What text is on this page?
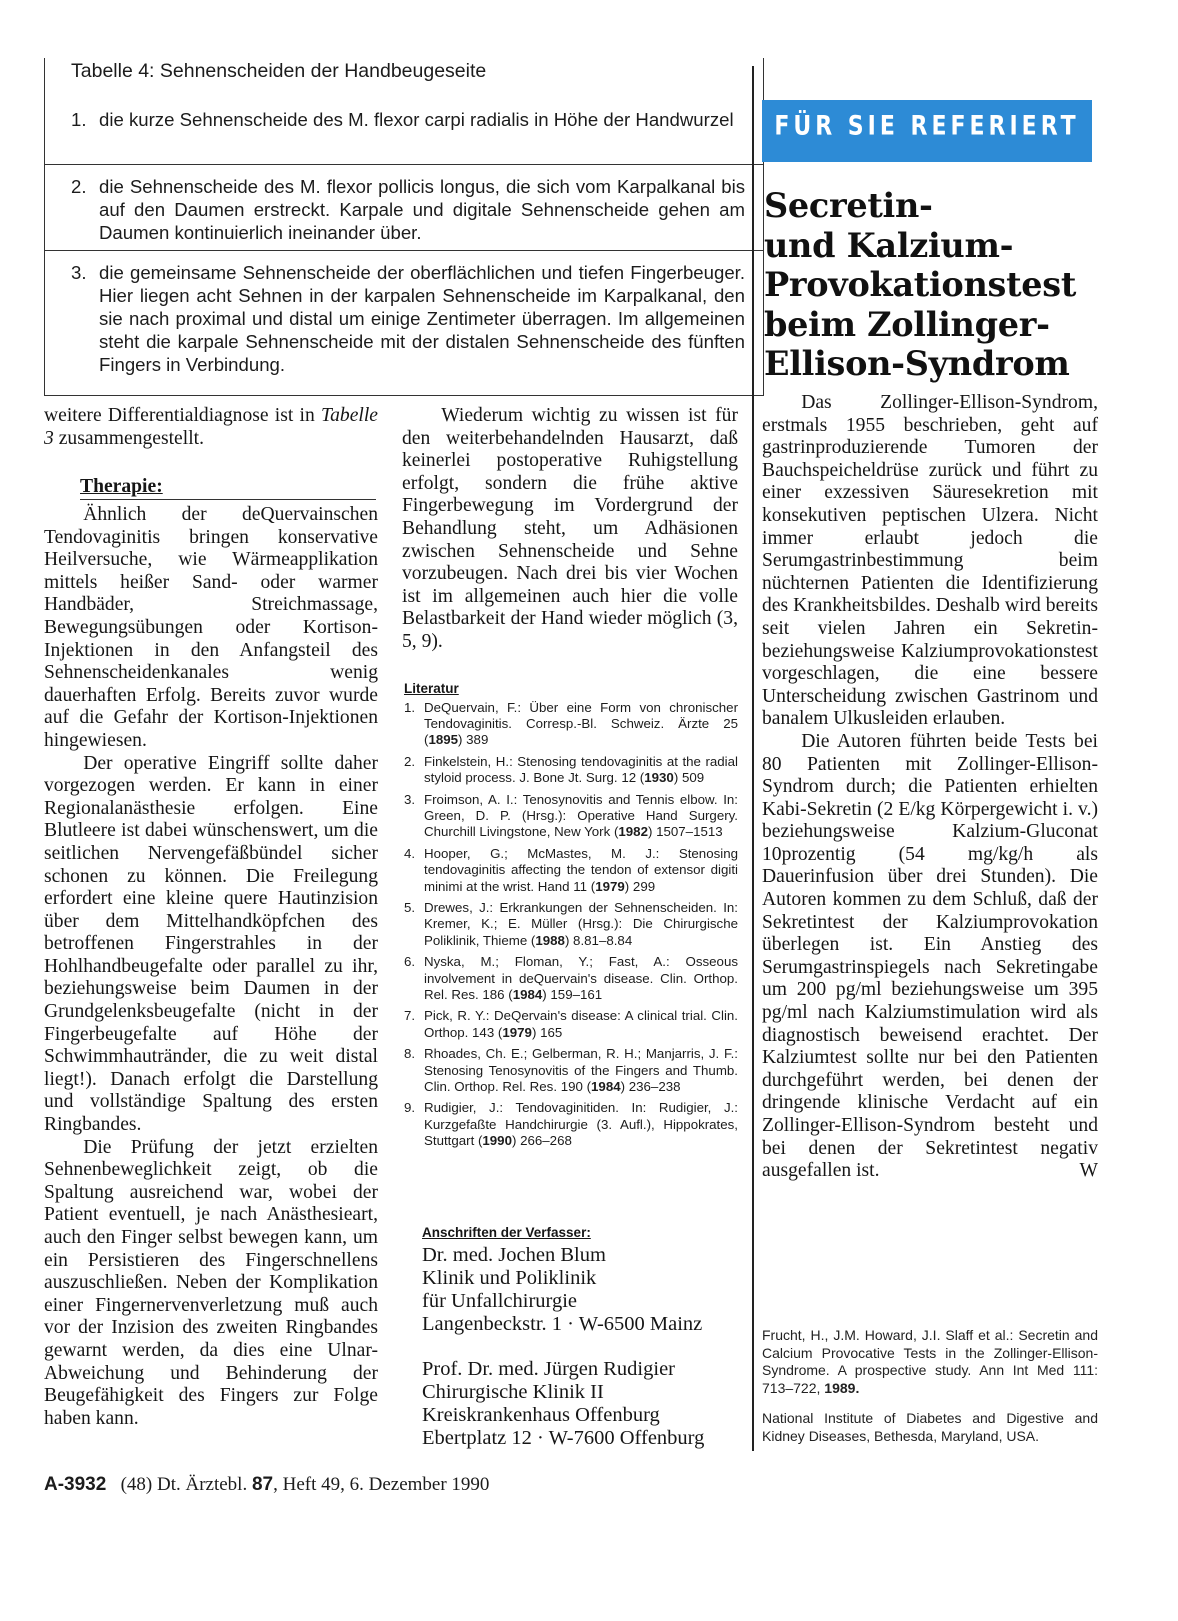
Tabelle 4: Sehnenscheiden der Handbeugeseite
1. die kurze Sehnenscheide des M. flexor carpi radialis in Höhe der Handwurzel
2. die Sehnenscheide des M. flexor pollicis longus, die sich vom Karpalkanal bis auf den Daumen erstreckt. Karpale und digitale Sehnenscheide gehen am Daumen kontinuierlich ineinander über.
3. die gemeinsame Sehnenscheide der oberflächlichen und tiefen Fingerbeuger. Hier liegen acht Sehnen in der karpalen Sehnenscheide im Karpalkanal, den sie nach proximal und distal um einige Zentimeter überragen. Im allgemeinen steht die karpale Sehnenscheide mit der distalen Sehnenscheide des fünften Fingers in Verbindung.

weitere Differentialdiagnose ist in Tabelle 3 zusammengestellt.

Therapie:

Ähnlich der deQuervainschen Tendovaginitis bringen konservative Heilversuche, wie Wärmeapplikation mittels heißer Sand- oder warmer Handbäder, Streichmassage, Bewegungsübungen oder Kortison-Injektionen in den Anfangsteil des Sehnenscheidenkanales wenig dauerhaften Erfolg. Bereits zuvor wurde auf die Gefahr der Kortison-Injektionen hingewiesen.

Der operative Eingriff sollte daher vorgezogen werden. Er kann in einer Regionalanästhesie erfolgen. Eine Blutleere ist dabei wünschenswert, um die seitlichen Nervengefäßbündel sicher schonen zu können. Die Freilegung erfordert eine kleine quere Hautinzision über dem Mittelhandköpfchen des betroffenen Fingerstrahles in der Hohlhandbeugefalte oder parallel zu ihr, beziehungsweise beim Daumen in der Grundgelenksbeugefalte (nicht in der Fingerbeugefalte auf Höhe der Schwimmhautränder, die zu weit distal liegt!). Danach erfolgt die Darstellung und vollständige Spaltung des ersten Ringbandes.

Die Prüfung der jetzt erzielten Sehnenbeweglichkeit zeigt, ob die Spaltung ausreichend war, wobei der Patient eventuell, je nach Anästhesieart, auch den Finger selbst bewegen kann, um ein Persistieren des Fingerschnellens auszuschließen. Neben der Komplikation einer Fingernervenverletzung muß auch vor der Inzision des zweiten Ringbandes gewarnt werden, da dies eine Ulnar-Abweichung und Behinderung der Beugefähigkeit des Fingers zur Folge haben kann.

Wiederum wichtig zu wissen ist für den weiterbehandelnden Hausarzt, daß keinerlei postoperative Ruhigstellung erfolgt, sondern die frühe aktive Fingerbewegung im Vordergrund der Behandlung steht, um Adhäsionen zwischen Sehnenscheide und Sehne vorzubeugen. Nach drei bis vier Wochen ist im allgemeinen auch hier die volle Belastbarkeit der Hand wieder möglich (3, 5, 9).

Literatur
1. DeQuervain, F.: Über eine Form von chronischer Tendovaginitis. Corresp.-Bl. Schweiz. Ärzte 25 (1895) 389
2. Finkelstein, H.: Stenosing tendovaginitis at the radial styloid process. J. Bone Jt. Surg. 12 (1930) 509
3. Froimson, A. I.: Tenosynovitis and Tennis elbow. In: Green, D. P. (Hrsg.): Operative Hand Surgery. Churchill Livingstone, New York (1982) 1507–1513
4. Hooper, G.; McMastes, M. J.: Stenosing tendovaginitis affecting the tendon of extensor digiti minimi at the wrist. Hand 11 (1979) 299
5. Drewes, J.: Erkrankungen der Sehnenscheiden. In: Kremer, K.; E. Müller (Hrsg.): Die Chirurgische Poliklinik, Thieme (1988) 8.81–8.84
6. Nyska, M.; Floman, Y.; Fast, A.: Osseous involvement in deQuervain's disease. Clin. Orthop. Rel. Res. 186 (1984) 159–161
7. Pick, R. Y.: DeQervain's disease: A clinical trial. Clin. Orthop. 143 (1979) 165
8. Rhoades, Ch. E.; Gelberman, R. H.; Manjarris, J. F.: Stenosing Tenosynovitis of the Fingers and Thumb. Clin. Orthop. Rel. Res. 190 (1984) 236–238
9. Rudigier, J.: Tendovaginitiden. In: Rudigier, J.: Kurzgefaßte Handchirurgie (3. Aufl.), Hippokrates, Stuttgart (1990) 266–268
Anschriften der Verfasser:
Dr. med. Jochen Blum
Klinik und Poliklinik
für Unfallchirurgie
Langenbeckstr. 1 · W-6500 Mainz
Prof. Dr. med. Jürgen Rudigier
Chirurgische Klinik II
Kreiskrankenhaus Offenburg
Ebertplatz 12 · W-7600 Offenburg
FÜR SIE REFERIERT
Secretin-
und Kalzium-
Provokationstest
beim Zollinger-
Ellison-Syndrom

Das Zollinger-Ellison-Syndrom, erstmals 1955 beschrieben, geht auf gastrinproduzierende Tumoren der Bauchspeicheldrüse zurück und führt zu einer exzessiven Säuresekretion mit konsekutiven peptischen Ulzera. Nicht immer erlaubt jedoch die Serumgastrinbestimmung beim nüchternen Patienten die Identifizierung des Krankheitsbildes. Deshalb wird bereits seit vielen Jahren ein Sekretin- beziehungsweise Kalziumprovokationstest vorgeschlagen, die eine bessere Unterscheidung zwischen Gastrinom und banalem Ulkusleiden erlauben.

Die Autoren führten beide Tests bei 80 Patienten mit Zollinger-Ellison-Syndrom durch; die Patienten erhielten Kabi-Sekretin (2 E/kg Körpergewicht i. v.) beziehungsweise Kalzium-Gluconat 10prozentig (54 mg/kg/h als Dauerinfusion über drei Stunden). Die Autoren kommen zu dem Schluß, daß der Sekretintest der Kalziumprovokation überlegen ist. Ein Anstieg des Serumgastrinspiegels nach Sekretingabe um 200 pg/ml beziehungsweise um 395 pg/ml nach Kalziumstimulation wird als diagnostisch beweisend erachtet. Der Kalziumtest sollte nur bei den Patienten durchgeführt werden, bei denen der dringende klinische Verdacht auf ein Zollinger-Ellison-Syndrom besteht und bei denen der Sekretintest negativ ausgefallen ist.	W

Frucht, H., J.M. Howard, J.I. Slaff et al.: Secretin and Calcium Provocative Tests in the Zollinger-Ellison-Syndrome. A prospective study. Ann Int Med 111: 713–722, 1989.
National Institute of Diabetes and Digestive and Kidney Diseases, Bethesda, Maryland, USA.
A-3932 (48) Dt. Ärztebl. 87, Heft 49, 6. Dezember 1990
